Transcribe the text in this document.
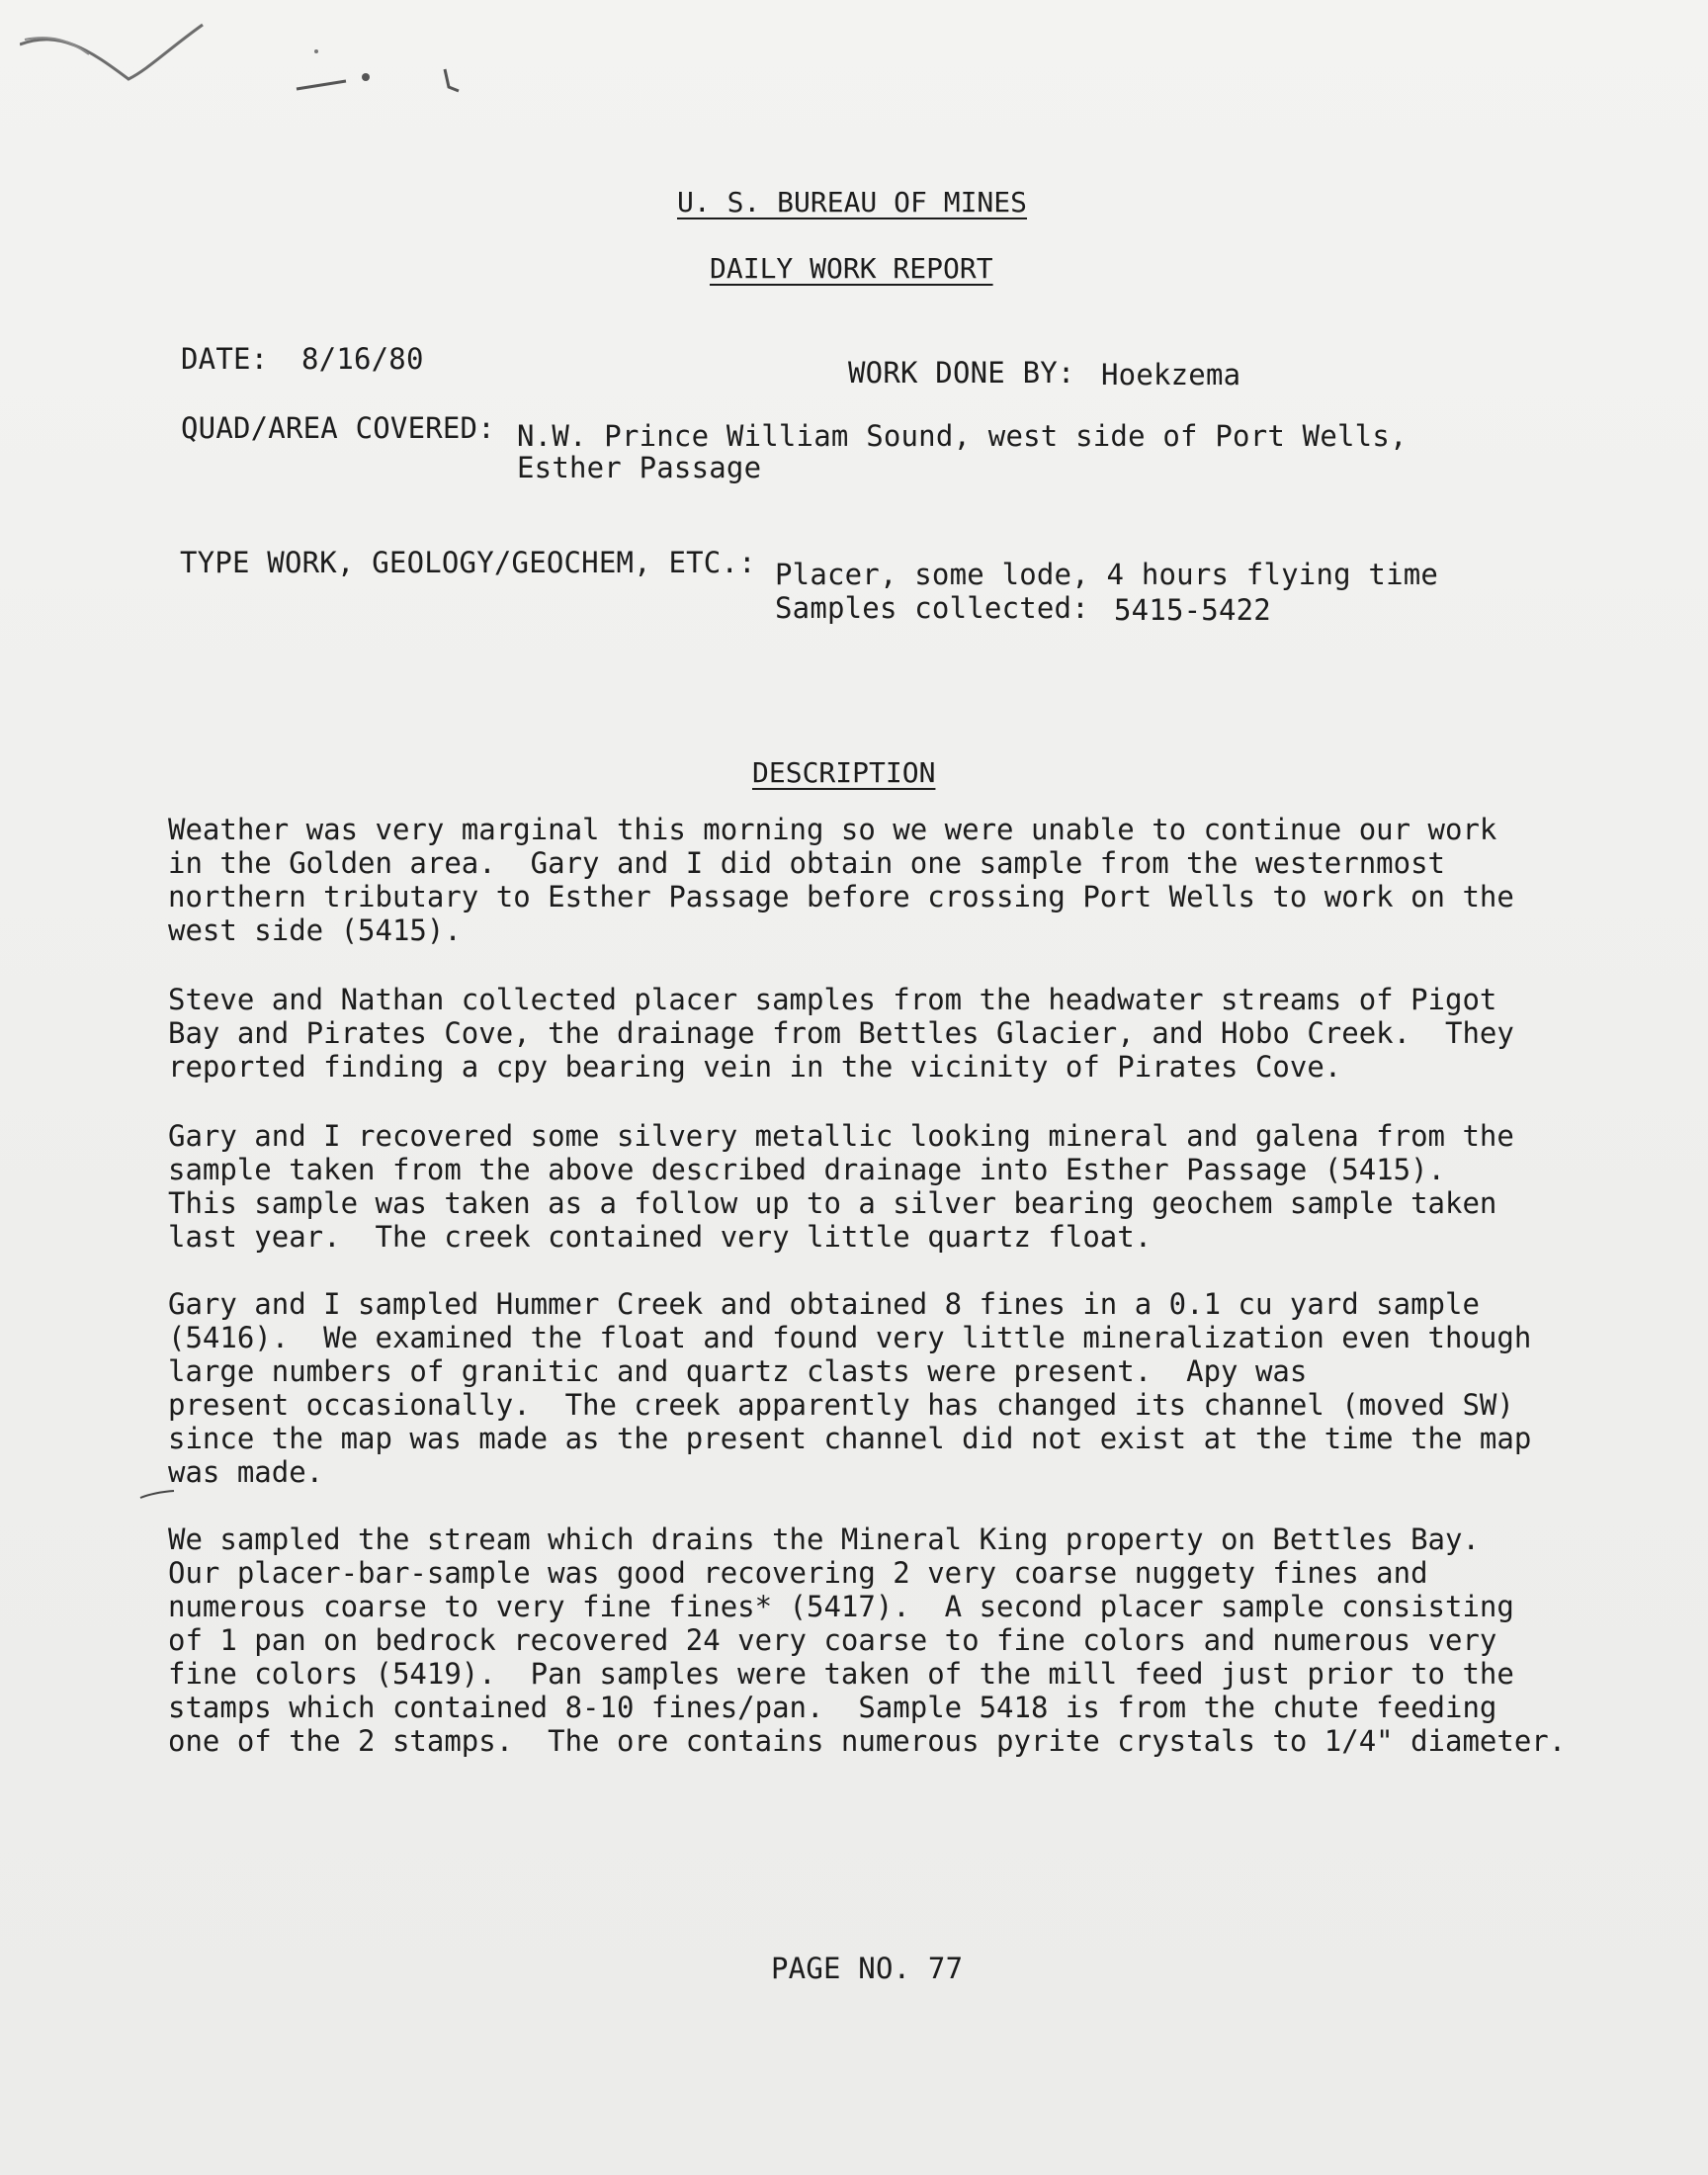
U. S. BUREAU OF MINES
DAILY WORK REPORT
DATE: 8/16/80	WORK DONE BY: Hoekzema
QUAD/AREA COVERED: N.W. Prince William Sound, west side of Port Wells,
Esther Passage
TYPE WORK, GEOLOGY/GEOCHEM, ETC.: Placer, some lode, 4 hours flying time
Samples collected: 5415-5422
DESCRIPTION
Weather was very marginal this morning so we were unable to continue our work
in the Golden area.  Gary and I did obtain one sample from the westernmost
northern tributary to Esther Passage before crossing Port Wells to work on the
west side (5415).
Steve and Nathan collected placer samples from the headwater streams of Pigot
Bay and Pirates Cove, the drainage from Bettles Glacier, and Hobo Creek.  They
reported finding a cpy bearing vein in the vicinity of Pirates Cove.
Gary and I recovered some silvery metallic looking mineral and galena from the
sample taken from the above described drainage into Esther Passage (5415).
This sample was taken as a follow up to a silver bearing geochem sample taken
last year.  The creek contained very little quartz float.
Gary and I sampled Hummer Creek and obtained 8 fines in a 0.1 cu yard sample
(5416).  We examined the float and found very little mineralization even though
large numbers of granitic and quartz clasts were present.  Apy was
present occasionally.  The creek apparently has changed its channel (moved SW)
since the map was made as the present channel did not exist at the time the map
was made.
We sampled the stream which drains the Mineral King property on Bettles Bay.
Our placer-bar-sample was good recovering 2 very coarse nuggety fines and
numerous coarse to very fine fines* (5417).  A second placer sample consisting
of 1 pan on bedrock recovered 24 very coarse to fine colors and numerous very
fine colors (5419).  Pan samples were taken of the mill feed just prior to the
stamps which contained 8-10 fines/pan.  Sample 5418 is from the chute feeding
one of the 2 stamps.  The ore contains numerous pyrite crystals to 1/4" diameter.
PAGE NO. 77
